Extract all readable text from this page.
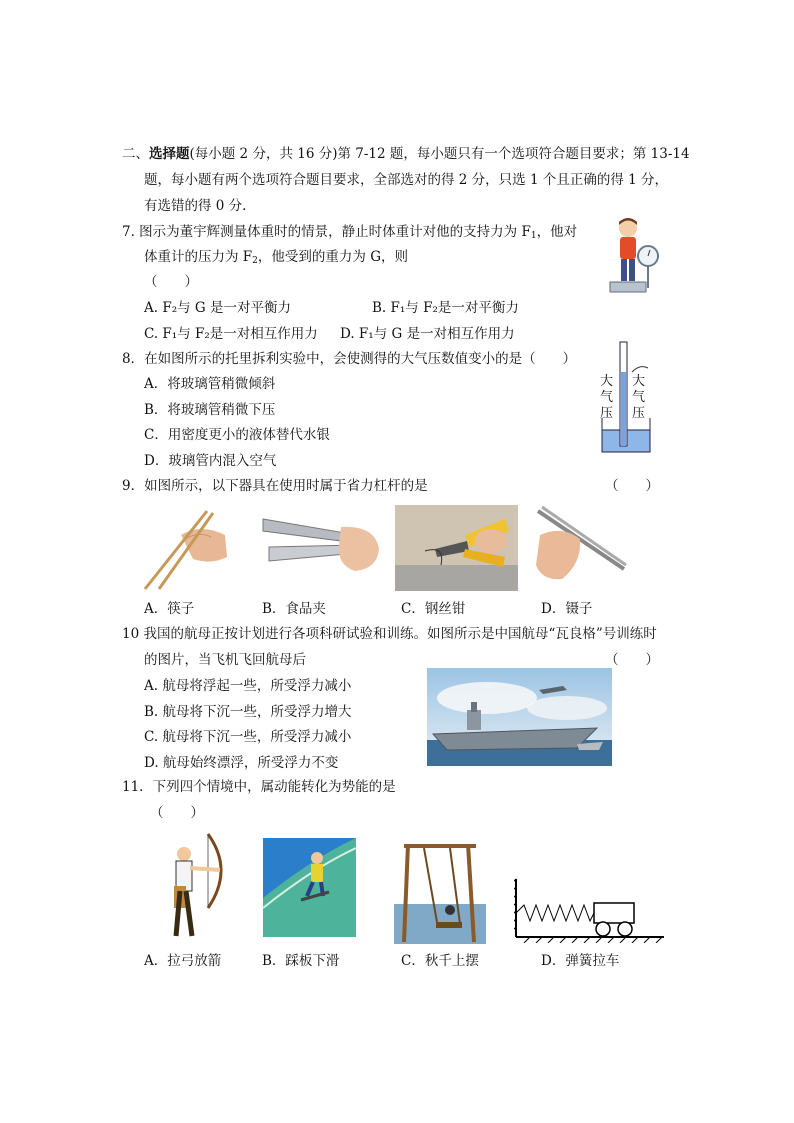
二、选择题(每小题 2 分，共 16 分)第 7-12 题，每小题只有一个选项符合题目要求；第 13-14
题，每小题有两个选项符合题目要求，全部选对的得 2 分，只选 1 个且正确的得 1 分，
有选错的得 0 分.
7. 图示为董宇辉测量体重时的情景，静止时体重计对他的支持力为 $F_1$，他对
体重计的压力为 $F_2$，他受到的重力为 G，则
（　　）
A. F₂与 G 是一对平衡力	B. F₁与 F₂是一对平衡力
C. F₁与 F₂是一对相互作用力 D. F₁与 G 是一对相互作用力
8．在如图所示的托里拆利实验中，会使测得的大气压数值变小的是（　　）
A．将玻璃管稍微倾斜
B．将玻璃管稍微下压
C．用密度更小的液体替代水银
D．玻璃管内混入空气
大
气
压
大
气
压
9．如图所示，以下器具在使用时属于省力杠杆的是	（　　）
A．筷子	B．食品夹	C．钢丝钳	D．镊子
10 我国的航母正按计划进行各项科研试验和训练。如图所示是中国航母“瓦良格”号训练时
的图片，当飞机飞回航母后	（　　）
A. 航母将浮起一些，所受浮力减小
B. 航母将下沉一些，所受浮力增大
C. 航母将下沉一些，所受浮力减小
D. 航母始终漂浮，所受浮力不变
11．下列四个情境中，属动能转化为势能的是
（　　）
A．拉弓放箭	B．踩板下滑	C．秋千上摆	D．弹簧拉车
